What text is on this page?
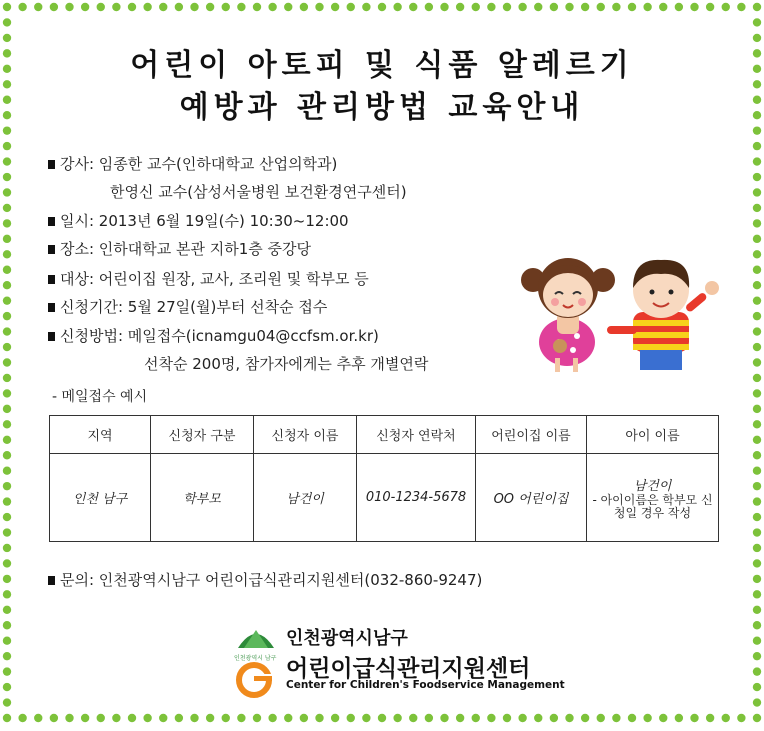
어린이 아토피 및 식품 알레르기
예방과 관리방법 교육안내
강사: 임종한 교수(인하대학교 산업의학과)
한영신 교수(삼성서울병원 보건환경연구센터)
일시: 2013년 6월 19일(수) 10:30~12:00
장소: 인하대학교 본관 지하1층 중강당
대상: 어린이집 원장, 교사, 조리원 및 학부모 등
신청기간: 5월 27일(월)부터 선착순 접수
신청방법: 메일접수(icnamgu04@ccfsm.or.kr)
선착순 200명, 참가자에게는 추후 개별연락
- 메일접수 예시
지역	신청자 구분	신청자 이름	신청자 연락처	어린이집 이름	아이 이름
인천 남구	학부모	남건이	010-1234-5678	OO 어린이집	남건이
- 아이이름은 학부모 신청일 경우 작성
문의: 인천광역시남구 어린이급식관리지원센터(032-860-9247)
인천광역시 남구
인천광역시남구
어린이급식관리지원센터
Center for Children's Foodservice Management
